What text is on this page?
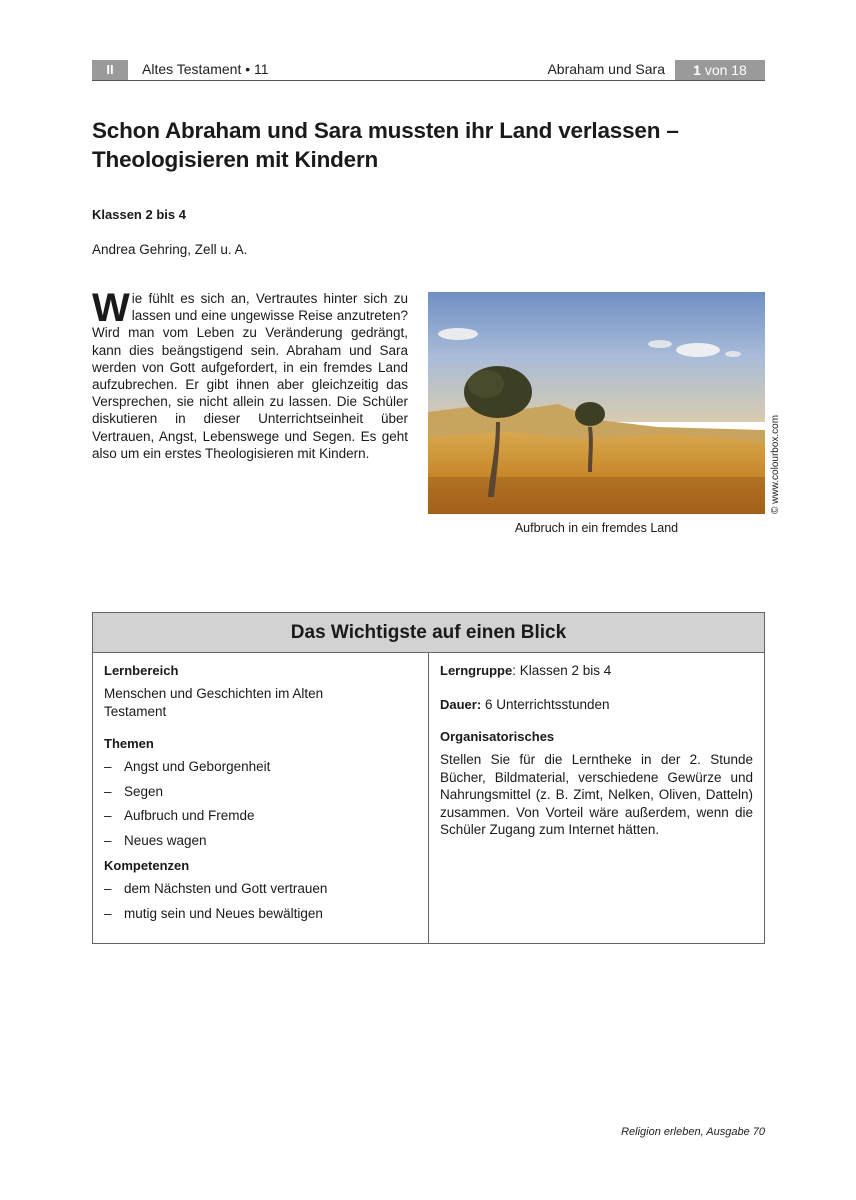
II	Altes Testament • 11	Abraham und Sara	1 von 18
Schon Abraham und Sara mussten ihr Land verlassen –
Theologisieren mit Kindern
Klassen 2 bis 4
Andrea Gehring, Zell u. A.

Wie fühlt es sich an, Vertrautes hinter sich zu lassen und eine ungewisse Reise anzutreten? Wird man vom Leben zu Veränderung gedrängt, kann dies beängstigend sein. Abraham und Sara werden von Gott aufgefordert, in ein fremdes Land aufzubrechen. Er gibt ihnen aber gleichzeitig das Versprechen, sie nicht allein zu lassen. Die Schüler diskutieren in dieser Unterrichtseinheit über Vertrauen, Angst, Lebenswege und Segen. Es geht also um ein erstes Theologisieren mit Kindern.	© www.colourbox.com
Aufbruch in ein fremdes Land
Das Wichtigste auf einen Blick
Lernbereich
Menschen und Geschichten im Alten Testament
Themen
– Angst und Geborgenheit
– Segen
– Aufbruch und Fremde
– Neues wagen
Kompetenzen
– dem Nächsten und Gott vertrauen
– mutig sein und Neues bewältigen
Lerngruppe: Klassen 2 bis 4
Dauer: 6 Unterrichtsstunden
Organisatorisches
Stellen Sie für die Lerntheke in der 2. Stunde Bücher, Bildmaterial, verschiedene Gewürze und Nahrungsmittel (z. B. Zimt, Nelken, Oliven, Datteln) zusammen. Von Vorteil wäre außerdem, wenn die Schüler Zugang zum Internet hätten.
Religion erleben, Ausgabe 70
